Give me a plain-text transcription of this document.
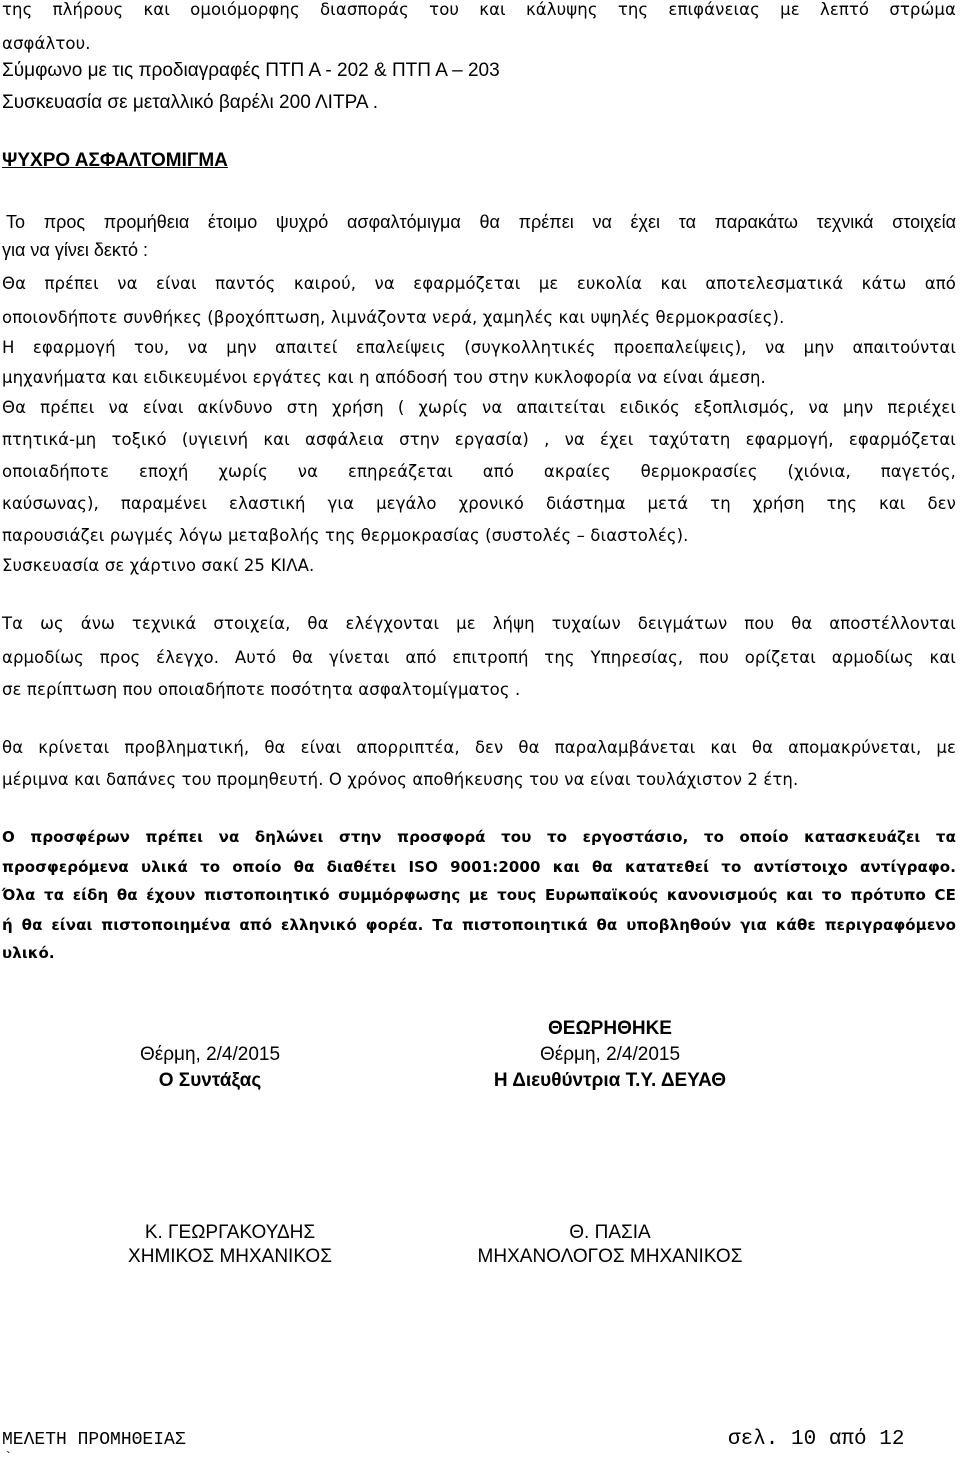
της πλήρους και ομοιόμορφης διασποράς του και κάλυψης της επιφάνειας με λεπτό στρώμα
ασφάλτου.
Σύμφωνο με τις προδιαγραφές ΠΤΠ Α - 202 & ΠΤΠ Α – 203
Συσκευασία σε μεταλλικό βαρέλι 200 ΛΙΤΡΑ .
ΨΥΧΡΟ ΑΣΦΑΛΤΟΜΙΓΜΑ
Το προς προμήθεια έτοιμο ψυχρό ασφαλτόμιγμα θα πρέπει να έχει τα παρακάτω τεχνικά στοιχεία
για να γίνει δεκτό :
Θα πρέπει να είναι παντός καιρού, να εφαρμόζεται με ευκολία και αποτελεσματικά κάτω από
οποιονδήποτε συνθήκες (βροχόπτωση, λιμνάζοντα νερά, χαμηλές και υψηλές θερμοκρασίες).
Η εφαρμογή του, να μην απαιτεί επαλείψεις (συγκολλητικές προεπαλείψεις), να μην απαιτούνται
μηχανήματα και ειδικευμένοι εργάτες και η απόδοσή του στην κυκλοφορία να είναι άμεση.
Θα πρέπει να είναι ακίνδυνο στη χρήση ( χωρίς να απαιτείται ειδικός εξοπλισμός, να μην περιέχει
πτητικά-μη τοξικό (υγιεινή και ασφάλεια στην εργασία) , να έχει ταχύτατη εφαρμογή, εφαρμόζεται
οποιαδήποτε εποχή χωρίς να επηρεάζεται από ακραίες θερμοκρασίες (χιόνια, παγετός,
καύσωνας), παραμένει ελαστική για μεγάλο χρονικό διάστημα μετά τη χρήση της και δεν
παρουσιάζει ρωγμές λόγω μεταβολής της θερμοκρασίας (συστολές – διαστολές).
Συσκευασία σε χάρτινο σακί 25 ΚΙΛΑ.
Τα ως άνω τεχνικά στοιχεία, θα ελέγχονται με λήψη τυχαίων δειγμάτων που θα αποστέλλονται
αρμοδίως προς έλεγχο. Αυτό θα γίνεται από επιτροπή της Υπηρεσίας, που ορίζεται αρμοδίως και
σε περίπτωση που οποιαδήποτε ποσότητα ασφαλτομίγματος .
θα κρίνεται προβληματική, θα είναι απορριπτέα, δεν θα παραλαμβάνεται και θα απομακρύνεται, με
μέριμνα και δαπάνες του προμηθευτή. Ο χρόνος αποθήκευσης του να είναι τουλάχιστον 2 έτη.
Ο προσφέρων πρέπει να δηλώνει στην προσφορά του το εργοστάσιο, το οποίο κατασκευάζει τα
προσφερόμενα υλικά το οποίο θα διαθέτει ISO 9001:2000 και θα κατατεθεί το αντίστοιχο αντίγραφο.
Όλα τα είδη θα έχουν πιστοποιητικό συμμόρφωσης με τους Ευρωπαϊκούς κανονισμούς και το πρότυπο CE
ή θα είναι πιστοποιημένα από ελληνικό φορέα. Τα πιστοποιητικά θα υποβληθούν για κάθε περιγραφόμενο
υλικό.
ΘΕΩΡΗΘΗΚΕ
Θέρμη, 2/4/2015	Θέρμη, 2/4/2015
Ο Συντάξας	Η Διευθύντρια Τ.Υ. ΔΕΥΑΘ
Κ. ΓΕΩΡΓΑΚΟΥΔΗΣ	Θ. ΠΑΣΙΑ
ΧΗΜΙΚΟΣ ΜΗΧΑΝΙΚΟΣ	ΜΗΧΑΝΟΛΟΓΟΣ ΜΗΧΑΝΙΚΟΣ
ΜΕΛΕΤΗ ΠΡΟΜΗΘΕΙΑΣ	σελ. 10 από 12
`
